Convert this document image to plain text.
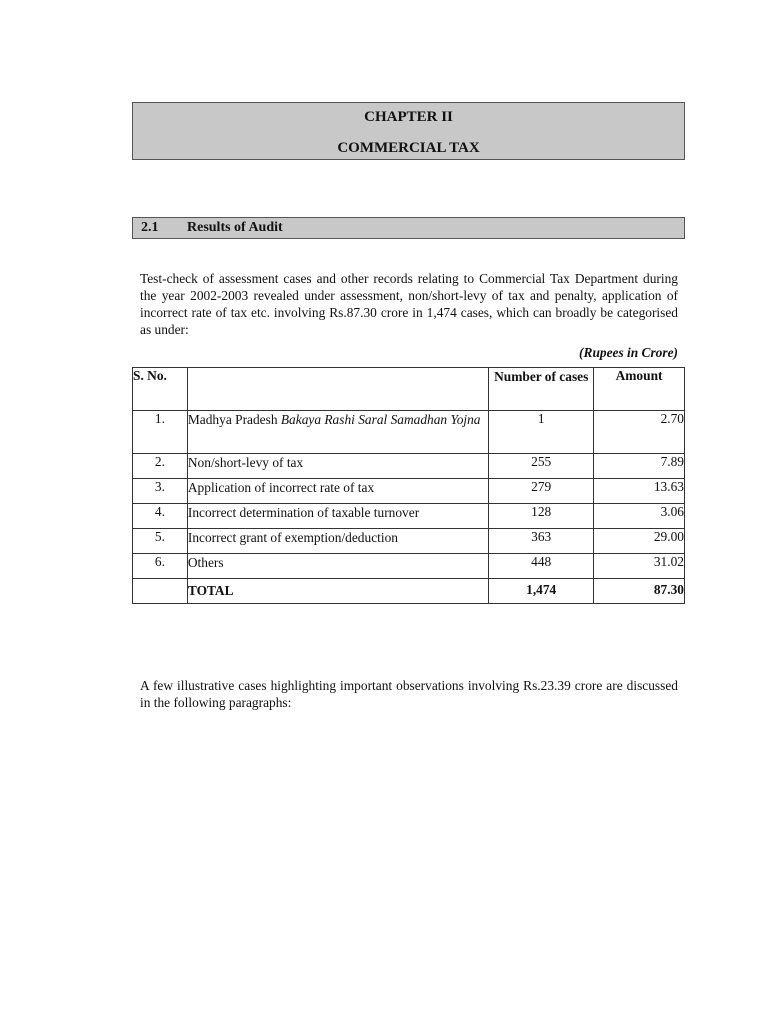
CHAPTER II
COMMERCIAL TAX
2.1 Results of Audit
Test-check of assessment cases and other records relating to Commercial Tax Department during the year 2002-2003 revealed under assessment, non/short-levy of tax and penalty, application of incorrect rate of tax etc. involving Rs.87.30 crore in 1,474 cases, which can broadly be categorised as under:
(Rupees in Crore)
S. No.		Number of cases	Amount
1.	Madhya Pradesh Bakaya Rashi Saral Samadhan Yojna	1	2.70
2.	Non/short-levy of tax	255	7.89
3.	Application of incorrect rate of tax	279	13.63
4.	Incorrect determination of taxable turnover	128	3.06
5.	Incorrect grant of exemption/deduction	363	29.00
6.	Others	448	31.02
	TOTAL	1,474	87.30
A few illustrative cases highlighting important observations involving Rs.23.39 crore are discussed in the following paragraphs:
